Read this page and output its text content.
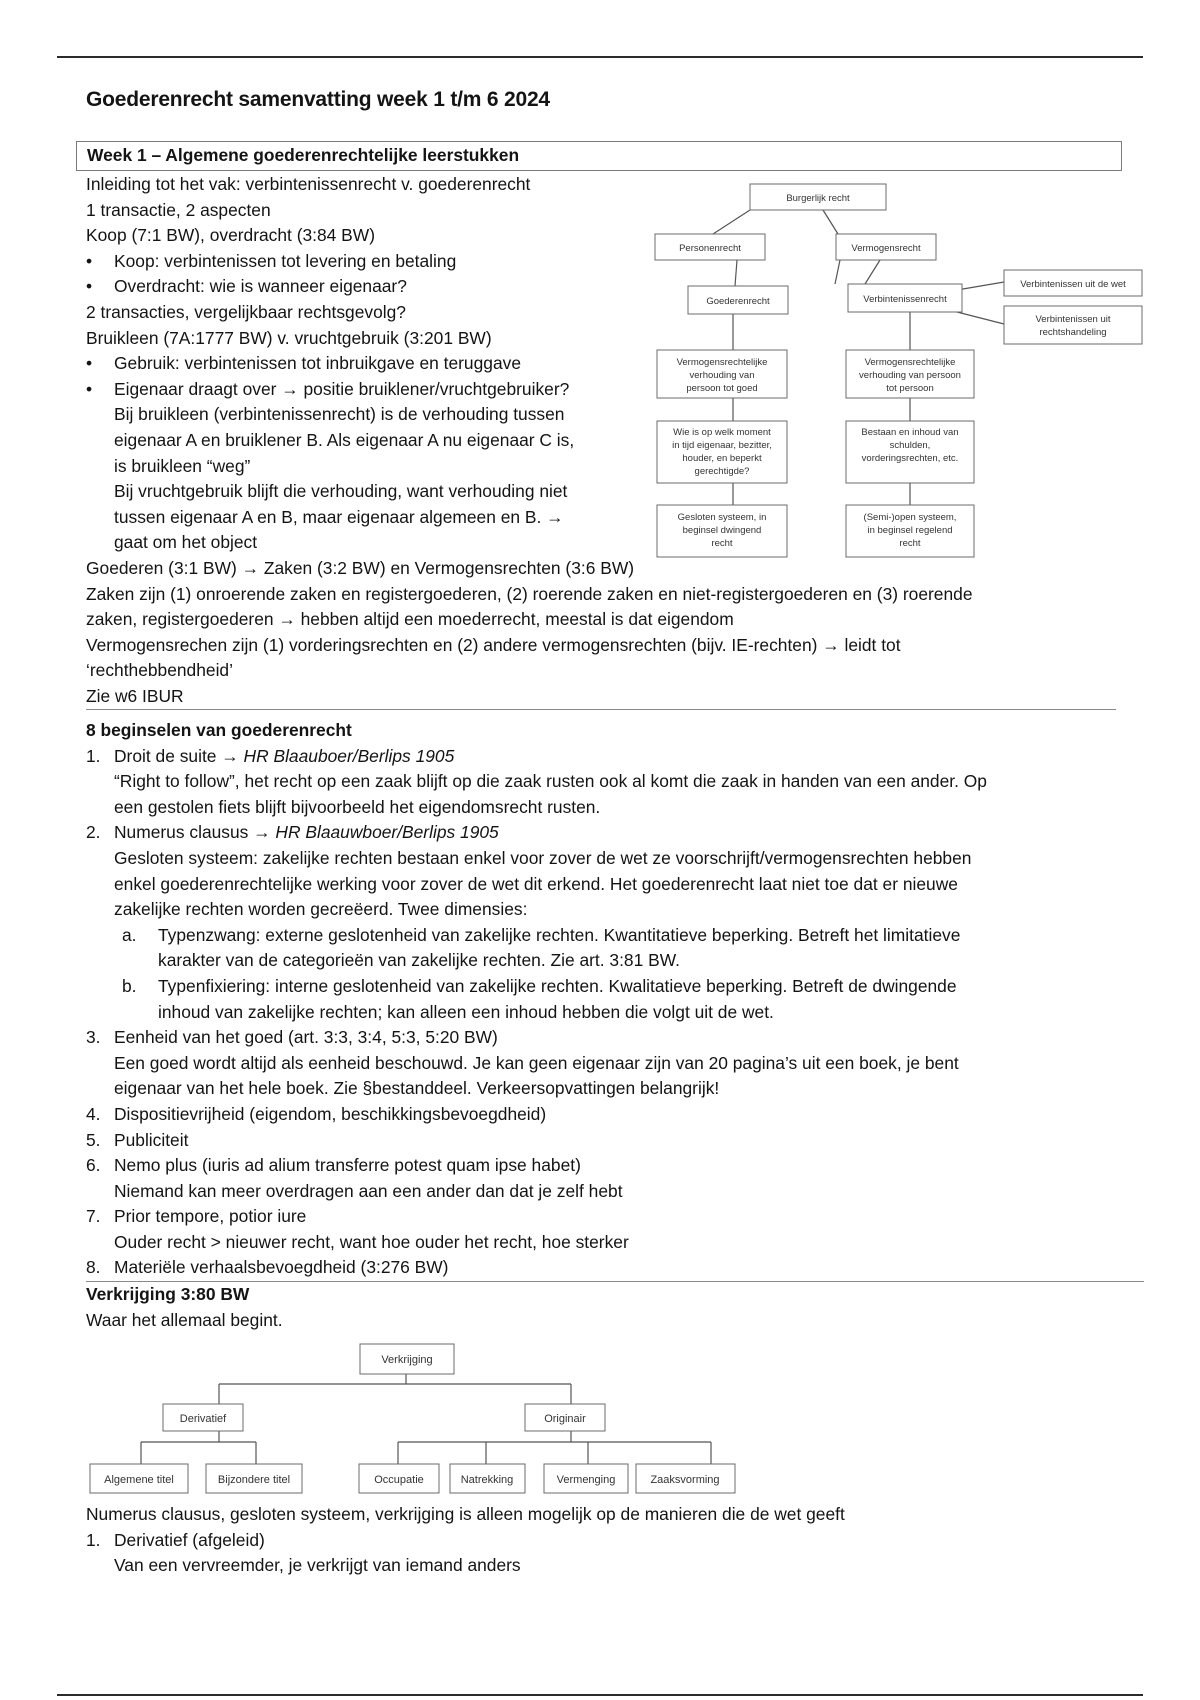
Goederenrecht samenvatting week 1 t/m 6 2024
Week 1 – Algemene goederenrechtelijke leerstukken
Inleiding tot het vak: verbintenissenrecht v. goederenrecht
1 transactie, 2 aspecten
Koop (7:1 BW), overdracht (3:84 BW)
• Koop: verbintenissen tot levering en betaling
• Overdracht: wie is wanneer eigenaar?
2 transacties, vergelijkbaar rechtsgevolg?
Bruikleen (7A:1777 BW) v. vruchtgebruik (3:201 BW)
• Gebruik: verbintenissen tot inbruikgave en teruggave
• Eigenaar draagt over → positie bruiklener/vruchtgebruiker?
Bij bruikleen (verbintenissenrecht) is de verhouding tussen
eigenaar A en bruiklener B. Als eigenaar A nu eigenaar C is,
is bruikleen “weg”
Bij vruchtgebruik blijft die verhouding, want verhouding niet
tussen eigenaar A en B, maar eigenaar algemeen en B. →
gaat om het object
Goederen (3:1 BW) → Zaken (3:2 BW) en Vermogensrechten (3:6 BW)
Zaken zijn (1) onroerende zaken en registergoederen, (2) roerende zaken en niet-registergoederen en (3) roerende
zaken, registergoederen → hebben altijd een moederrecht, meestal is dat eigendom
Vermogensrechen zijn (1) vorderingsrechten en (2) andere vermogensrechten (bijv. IE-rechten) → leidt tot
‘rechthebbendheid’
Zie w6 IBUR
Burgerlijk recht
Personenrecht	Vermogensrecht
Goederenrecht	Verbintenissenrecht
Verbintenissen uit de wet
Verbintenissen uit
rechtshandeling
Vermogensrechtelijke
verhouding van
persoon tot goed
Vermogensrechtelijke
verhouding van persoon
tot persoon
Wie is op welk moment
in tijd eigenaar, bezitter,
houder, en beperkt
gerechtigde?
Bestaan en inhoud van
schulden,
vorderingsrechten, etc.
Gesloten systeem, in
beginsel dwingend
recht
(Semi-)open systeem,
in beginsel regelend
recht
8 beginselen van goederenrecht
1. Droit de suite → HR Blaauboer/Berlips 1905
“Right to follow”, het recht op een zaak blijft op die zaak rusten ook al komt die zaak in handen van een ander. Op
een gestolen fiets blijft bijvoorbeeld het eigendomsrecht rusten.
2. Numerus clausus → HR Blaauwboer/Berlips 1905
Gesloten systeem: zakelijke rechten bestaan enkel voor zover de wet ze voorschrijft/vermogensrechten hebben
enkel goederenrechtelijke werking voor zover de wet dit erkend. Het goederenrecht laat niet toe dat er nieuwe
zakelijke rechten worden gecreëerd. Twee dimensies:
a. Typenzwang: externe geslotenheid van zakelijke rechten. Kwantitatieve beperking. Betreft het limitatieve
karakter van de categorieën van zakelijke rechten. Zie art. 3:81 BW.
b. Typenfixiering: interne geslotenheid van zakelijke rechten. Kwalitatieve beperking. Betreft de dwingende
inhoud van zakelijke rechten; kan alleen een inhoud hebben die volgt uit de wet.
3. Eenheid van het goed (art. 3:3, 3:4, 5:3, 5:20 BW)
Een goed wordt altijd als eenheid beschouwd. Je kan geen eigenaar zijn van 20 pagina’s uit een boek, je bent
eigenaar van het hele boek. Zie §bestanddeel. Verkeersopvattingen belangrijk!
4. Dispositievrijheid (eigendom, beschikkingsbevoegdheid)
5. Publiciteit
6. Nemo plus (iuris ad alium transferre potest quam ipse habet)
Niemand kan meer overdragen aan een ander dan dat je zelf hebt
7. Prior tempore, potior iure
Ouder recht > nieuwer recht, want hoe ouder het recht, hoe sterker
8. Materiële verhaalsbevoegdheid (3:276 BW)
Verkrijging 3:80 BW
Waar het allemaal begint.
Verkrijging
Derivatief	Originair
Algemene titel	Bijzondere titel	Occupatie	Natrekking	Vermenging	Zaaksvorming
Numerus clausus, gesloten systeem, verkrijging is alleen mogelijk op de manieren die de wet geeft
1. Derivatief (afgeleid)
Van een vervreemder, je verkrijgt van iemand anders
